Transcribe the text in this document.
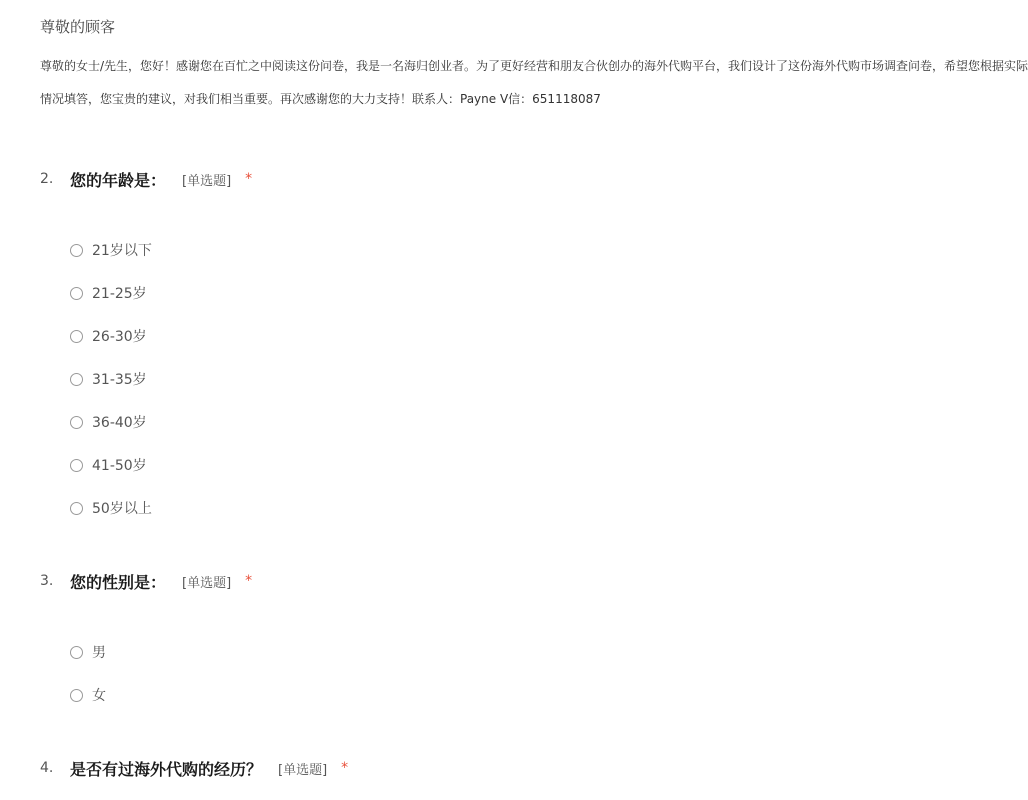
尊敬的顾客
尊敬的女士/先生，您好！感谢您在百忙之中阅读这份问卷，我是一名海归创业者。为了更好经营和朋友合伙创办的海外代购平台，我们设计了这份海外代购市场调查问卷，希望您根据实际
情况填答，您宝贵的建议，对我们相当重要。再次感谢您的大力支持！联系人：Payne V信：651118087
2.	您的年龄是： [单选题] *
21岁以下
21-25岁
26-30岁
31-35岁
36-40岁
41-50岁
50岁以上
3.	您的性别是： [单选题] *
男
女
4.	是否有过海外代购的经历？ [单选题] *
